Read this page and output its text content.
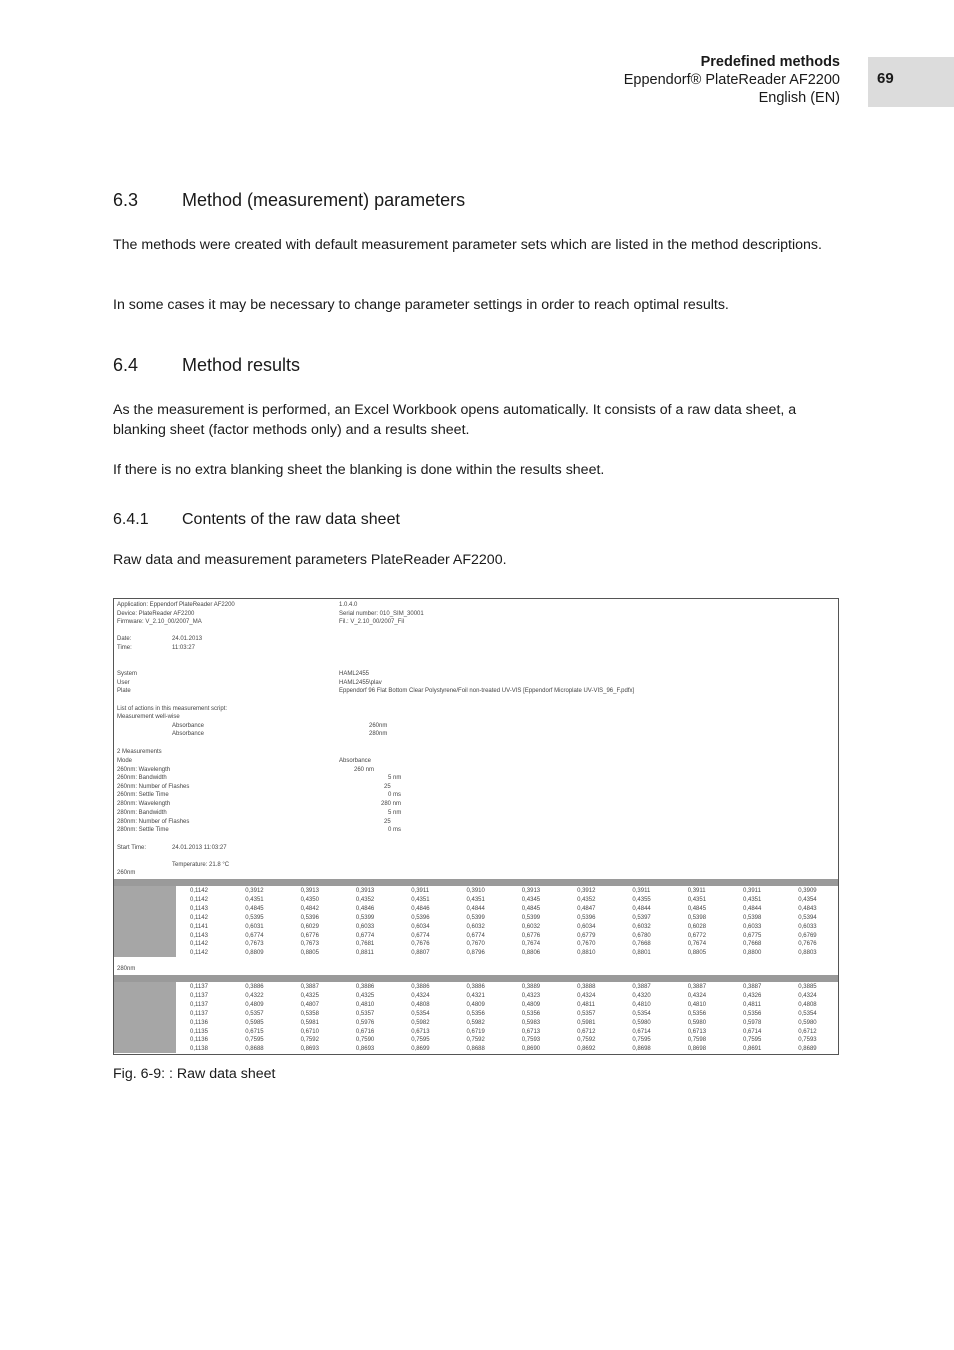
Predefined methods
Eppendorf® PlateReader AF2200
English (EN)
69
6.3 Method (measurement) parameters

The methods were created with default measurement parameter sets which are listed in the method descriptions.

In some cases it may be necessary to change parameter settings in order to reach optimal results.

6.4 Method results

As the measurement is performed, an Excel Workbook opens automatically. It consists of a raw data sheet, a blanking sheet (factor methods only) and a results sheet.

If there is no extra blanking sheet the blanking is done within the results sheet.

6.4.1 Contents of the raw data sheet

Raw data and measurement parameters PlateReader AF2200.

Application: Eppendorf PlateReader AF2200	1.0.4.0
Device: PlateReader AF2200	Serial number: 010_SIM_30001
Firmware: V_2.10_00/2007_MA	Fil.: V_2.10_00/2007_Fil
Date:	24.01.2013
Time:	11:03:27
System	HAML2455
User	HAML2455\plav
Plate	Eppendorf 96 Flat Bottom Clear Polystyrene/Foil non-treated UV-VIS [Eppendorf Microplate UV-VIS_96_F.pdfx]
List of actions in this measurement script:
Measurement well-wise
Absorbance	260nm
Absorbance	280nm
2 Measurements
Mode	Absorbance
260nm: Wavelength	260 nm
260nm: Bandwidth	5 nm
260nm: Number of Flashes	25
260nm: Settle Time	0 ms
280nm: Wavelength	280 nm
280nm: Bandwidth	5 nm
280nm: Number of Flashes	25
280nm: Settle Time	0 ms
Start Time:	24.01.2013 11:03:27
Temperature: 21.8 °C
260nm
0,1142	0,3912	0,3913	0,3913	0,3911	0,3910	0,3913	0,3912	0,3911	0,3911	0,3911	0,3909
0,1142	0,4351	0,4350	0,4352	0,4351	0,4351	0,4345	0,4352	0,4355	0,4351	0,4351	0,4354
0,1143	0,4845	0,4842	0,4846	0,4846	0,4844	0,4845	0,4847	0,4844	0,4845	0,4844	0,4843
0,1142	0,5395	0,5396	0,5399	0,5396	0,5399	0,5399	0,5396	0,5397	0,5398	0,5398	0,5394
0,1141	0,6031	0,6029	0,6033	0,6034	0,6032	0,6032	0,6034	0,6032	0,6028	0,6033	0,6033
0,1143	0,6774	0,6776	0,6774	0,6774	0,6774	0,6776	0,6779	0,6780	0,6772	0,6775	0,6769
0,1142	0,7673	0,7673	0,7681	0,7676	0,7670	0,7674	0,7670	0,7668	0,7674	0,7668	0,7676
0,1142	0,8809	0,8805	0,8811	0,8807	0,8796	0,8806	0,8810	0,8801	0,8805	0,8800	0,8803
280nm
0,1137	0,3886	0,3887	0,3886	0,3886	0,3886	0,3889	0,3888	0,3887	0,3887	0,3887	0,3885
0,1137	0,4322	0,4325	0,4325	0,4324	0,4321	0,4323	0,4324	0,4320	0,4324	0,4326	0,4324
0,1137	0,4809	0,4807	0,4810	0,4808	0,4809	0,4809	0,4811	0,4810	0,4810	0,4811	0,4808
0,1137	0,5357	0,5358	0,5357	0,5354	0,5356	0,5356	0,5357	0,5354	0,5356	0,5356	0,5354
0,1136	0,5985	0,5981	0,5976	0,5982	0,5982	0,5983	0,5981	0,5980	0,5980	0,5978	0,5980
0,1135	0,6715	0,6710	0,6716	0,6713	0,6719	0,6713	0,6712	0,6714	0,6713	0,6714	0,6712
0,1136	0,7595	0,7592	0,7590	0,7595	0,7592	0,7593	0,7592	0,7595	0,7598	0,7595	0,7593
0,1138	0,8688	0,8693	0,8693	0,8699	0,8688	0,8690	0,8692	0,8698	0,8698	0,8691	0,8689
Fig. 6-9: : Raw data sheet
